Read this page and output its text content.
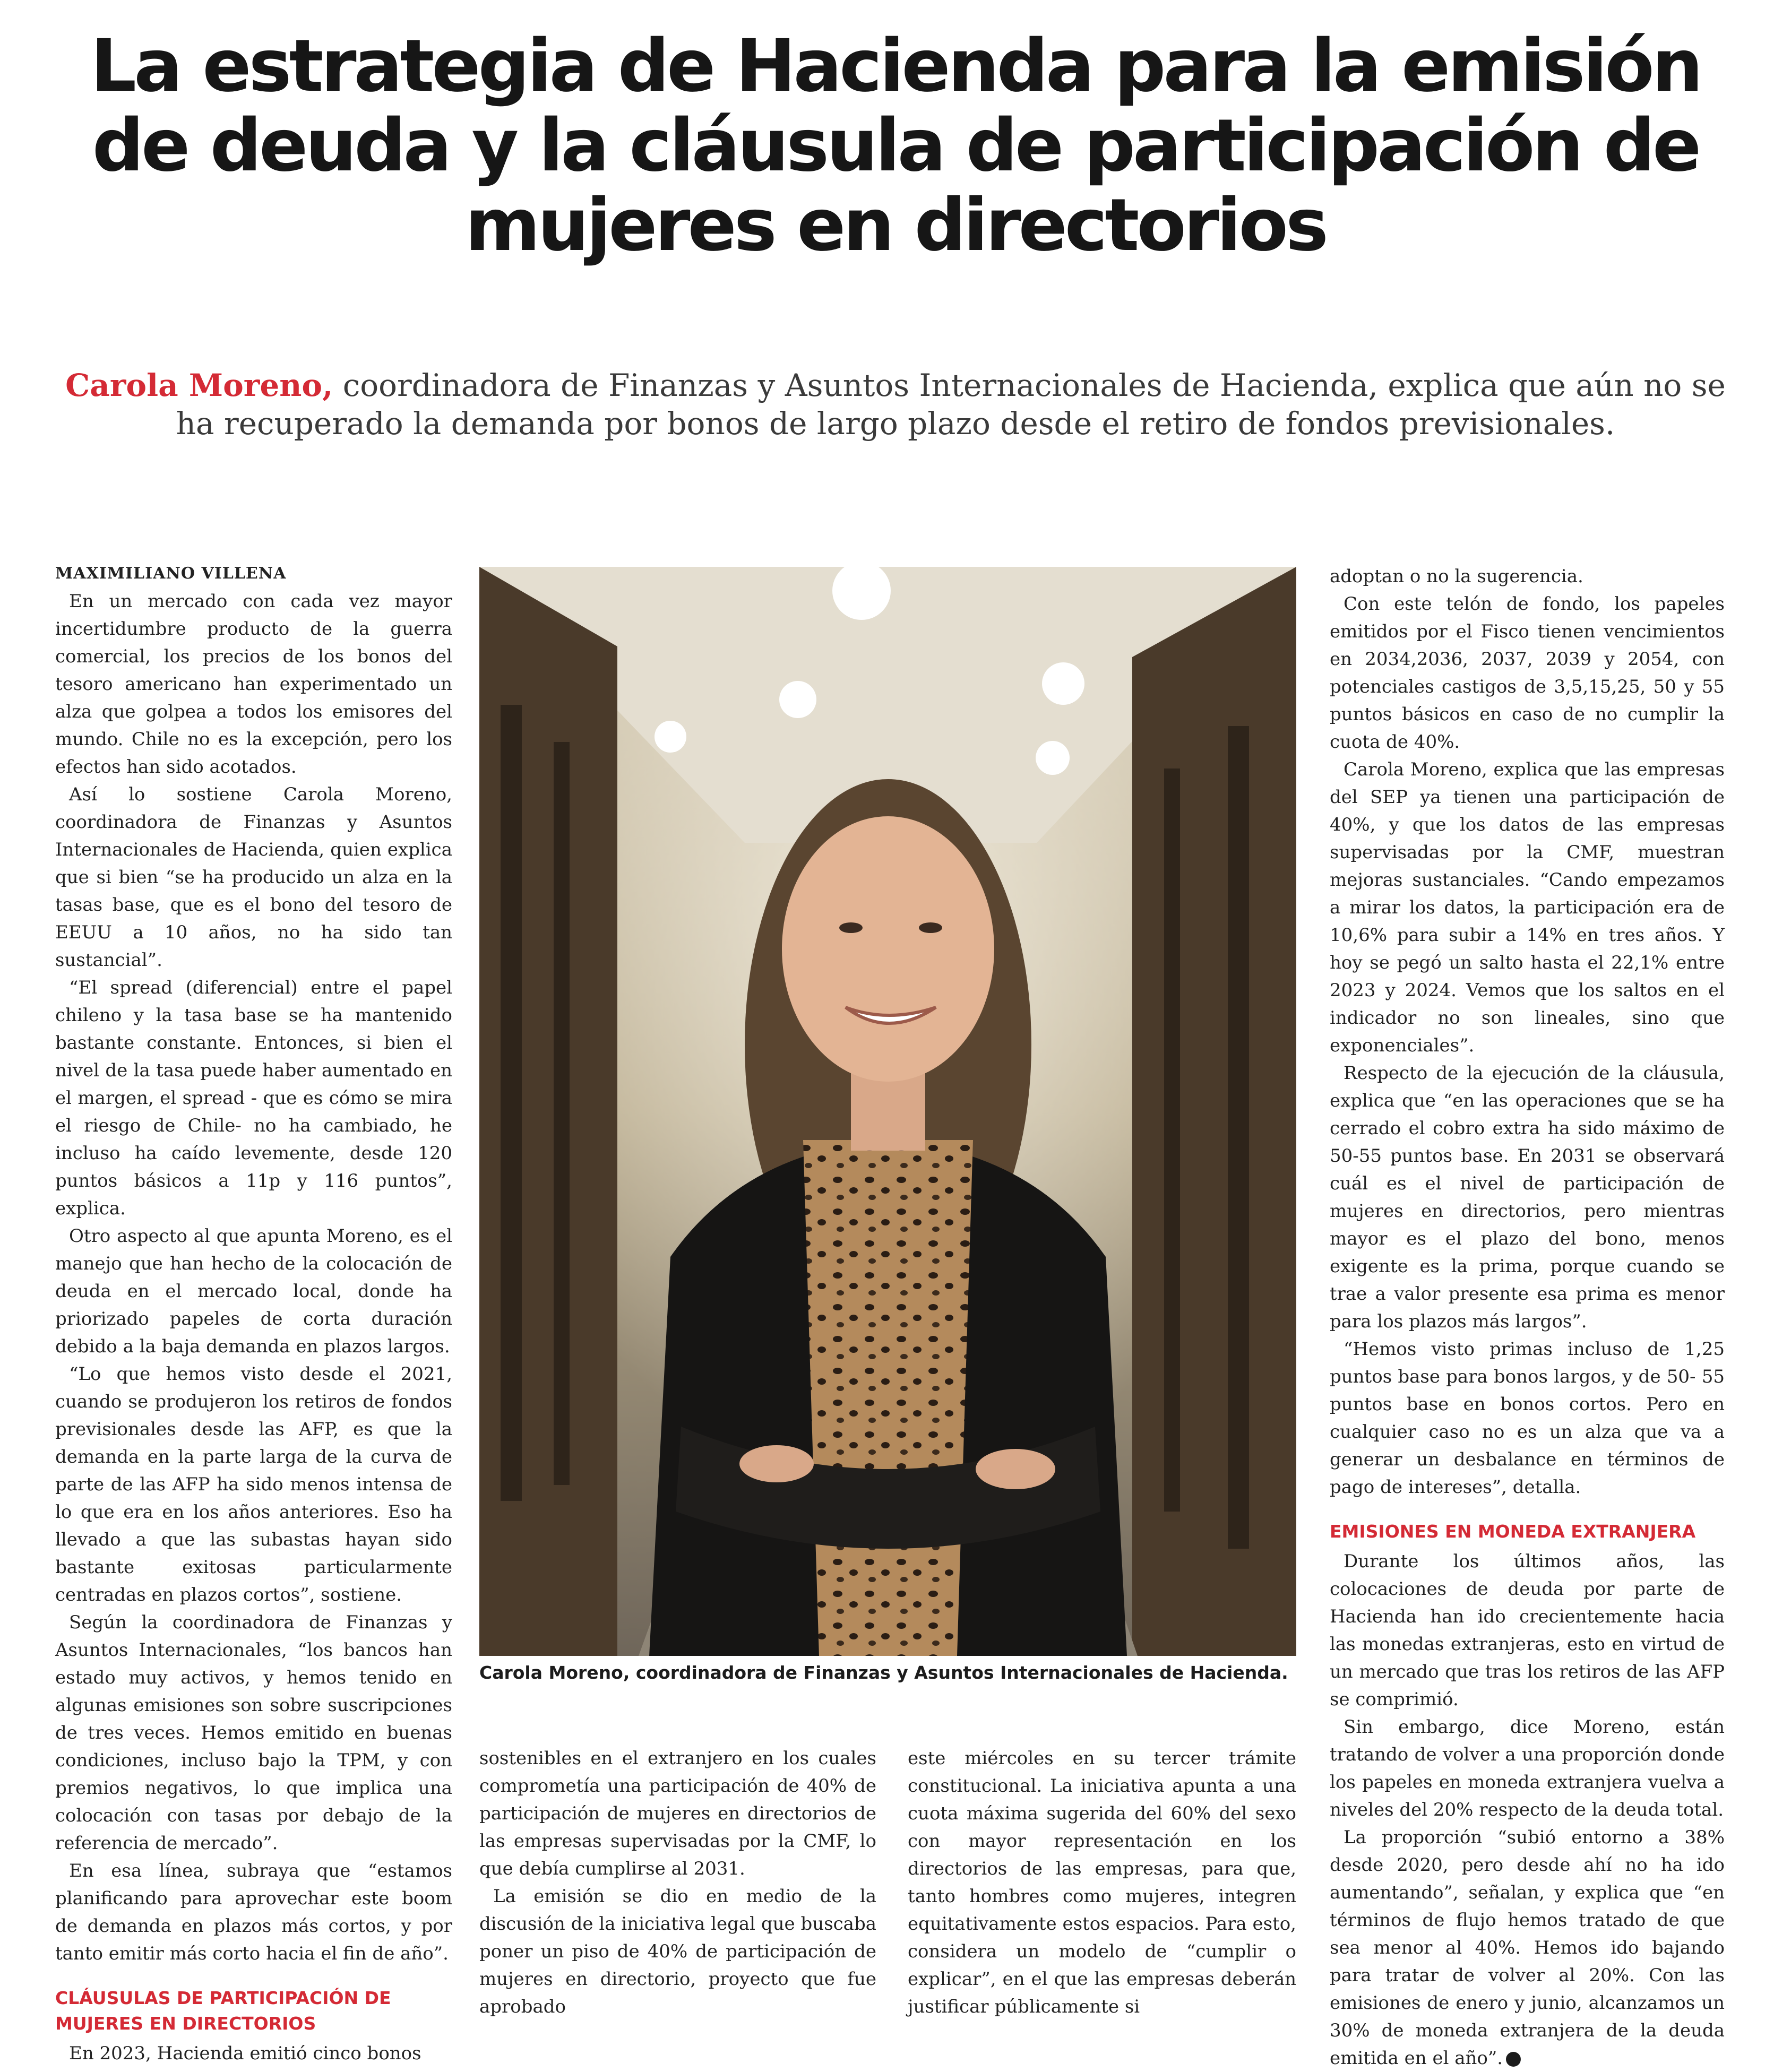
La estrategia de Hacienda para la emisión de deuda y la cláusula de participación de mujeres en directorios

Carola Moreno, coordinadora de Finanzas y Asuntos Internacionales de Hacienda, explica que aún no se ha recuperado la demanda por bonos de largo plazo desde el retiro de fondos previsionales.

MAXIMILIANO VILLENA

En un mercado con cada vez mayor incertidumbre producto de la guerra comercial, los precios de los bonos del tesoro americano han experimentado un alza que golpea a todos los emisores del mundo. Chile no es la excepción, pero los efectos han sido acotados.

Así lo sostiene Carola Moreno, coordinadora de Finanzas y Asuntos Internacionales de Hacienda, quien explica que si bien “se ha producido un alza en la tasas base, que es el bono del tesoro de EEUU a 10 años, no ha sido tan sustancial”.

“El spread (diferencial) entre el papel chileno y la tasa base se ha mantenido bastante constante. Entonces, si bien el nivel de la tasa puede haber aumentado en el margen, el spread - que es cómo se mira el riesgo de Chile- no ha cambiado, he incluso ha caído levemente, desde 120 puntos básicos a 11p y 116 puntos”, explica.

Otro aspecto al que apunta Moreno, es el manejo que han hecho de la colocación de deuda en el mercado local, donde ha priorizado papeles de corta duración debido a la baja demanda en plazos largos.

“Lo que hemos visto desde el 2021, cuando se produjeron los retiros de fondos previsionales desde las AFP, es que la demanda en la parte larga de la curva de parte de las AFP ha sido menos intensa de lo que era en los años anteriores. Eso ha llevado a que las subastas hayan sido bastante exitosas particularmente centradas en plazos cortos”, sostiene.

Según la coordinadora de Finanzas y Asuntos Internacionales, “los bancos han estado muy activos, y hemos tenido en algunas emisiones son sobre suscripciones de tres veces. Hemos emitido en buenas condiciones, incluso bajo la TPM, y con premios negativos, lo que implica una colocación con tasas por debajo de la referencia de mercado”.

En esa línea, subraya que “estamos planificando para aprovechar este boom de demanda en plazos más cortos, y por tanto emitir más corto hacia el fin de año”.

CLÁUSULAS DE PARTICIPACIÓN DE MUJERES EN DIRECTORIOS

En 2023, Hacienda emitió cinco bonos

Carola Moreno, coordinadora de Finanzas y Asuntos Internacionales de Hacienda.

sostenibles en el extranjero en los cuales comprometía una participación de 40% de participación de mujeres en directorios de las empresas supervisadas por la CMF, lo que debía cumplirse al 2031.

La emisión se dio en medio de la discusión de la iniciativa legal que buscaba poner un piso de 40% de participación de mujeres en directorio, proyecto que fue aprobado

este miércoles en su tercer trámite constitucional. La iniciativa apunta a una cuota máxima sugerida del 60% del sexo con mayor representación en los directorios de las empresas, para que, tanto hombres como mujeres, integren equitativamente estos espacios. Para esto, considera un modelo de “cumplir o explicar”, en el que las empresas deberán justificar públicamente si

adoptan o no la sugerencia.

Con este telón de fondo, los papeles emitidos por el Fisco tienen vencimientos en 2034,2036, 2037, 2039 y 2054, con potenciales castigos de 3,5,15,25, 50 y 55 puntos básicos en caso de no cumplir la cuota de 40%.

Carola Moreno, explica que las empresas del SEP ya tienen una participación de 40%, y que los datos de las empresas supervisadas por la CMF, muestran mejoras sustanciales. “Cando empezamos a mirar los datos, la participación era de 10,6% para subir a 14% en tres años. Y hoy se pegó un salto hasta el 22,1% entre 2023 y 2024. Vemos que los saltos en el indicador no son lineales, sino que exponenciales”.

Respecto de la ejecución de la cláusula, explica que “en las operaciones que se ha cerrado el cobro extra ha sido máximo de 50-55 puntos base. En 2031 se observará cuál es el nivel de participación de mujeres en directorios, pero mientras mayor es el plazo del bono, menos exigente es la prima, porque cuando se trae a valor presente esa prima es menor para los plazos más largos”.

“Hemos visto primas incluso de 1,25 puntos base para bonos largos, y de 50- 55 puntos base en bonos cortos. Pero en cualquier caso no es un alza que va a generar un desbalance en términos de pago de intereses”, detalla.

EMISIONES EN MONEDA EXTRANJERA

Durante los últimos años, las colocaciones de deuda por parte de Hacienda han ido crecientemente hacia las monedas extranjeras, esto en virtud de un mercado que tras los retiros de las AFP se comprimió.

Sin embargo, dice Moreno, están tratando de volver a una proporción donde los papeles en moneda extranjera vuelva a niveles del 20% respecto de la deuda total.

La proporción “subió entorno a 38% desde 2020, pero desde ahí no ha ido aumentando”, señalan, y explica que “en términos de flujo hemos tratado de que sea menor al 40%. Hemos ido bajando para tratar de volver al 20%. Con las emisiones de enero y junio, alcanzamos un 30% de moneda extranjera de la deuda emitida en el año”. P
